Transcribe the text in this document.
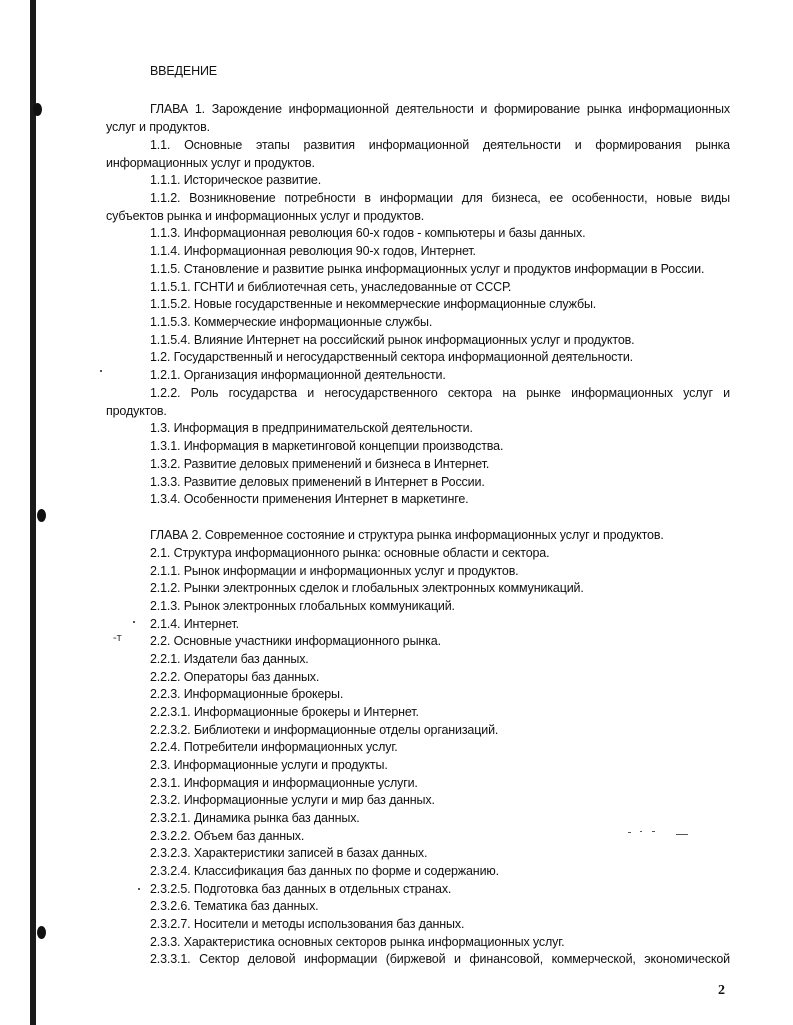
-т
ВВЕДЕНИЕ
ГЛАВА 1. Зарождение информационной деятельности и формирование рынка информационных
услуг и продуктов.
1.1. Основные этапы развития информационной деятельности и формирования рынка
информационных услуг и продуктов.
1.1.1. Историческое развитие.
1.1.2. Возникновение потребности в информации для бизнеса, ее особенности, новые виды
субъектов рынка и информационных услуг и продуктов.
1.1.3. Информационная революция 60-х годов - компьютеры и базы данных.
1.1.4. Информационная революция 90-х годов, Интернет.
1.1.5. Становление и развитие рынка информационных услуг и продуктов информации в России.
1.1.5.1. ГСНТИ и библиотечная сеть, унаследованные от СССР.
1.1.5.2. Новые государственные и некоммерческие информационные службы.
1.1.5.3. Коммерческие информационные службы.
1.1.5.4. Влияние Интернет на российский рынок информационных услуг и продуктов.
1.2. Государственный и негосударственный сектора информационной деятельности.
1.2.1. Организация информационной деятельности.
1.2.2. Роль государства и негосударственного сектора на рынке информационных услуг и
продуктов.
1.3. Информация в предпринимательской деятельности.
1.3.1. Информация в маркетинговой концепции производства.
1.3.2. Развитие деловых применений и бизнеса в Интернет.
1.3.3. Развитие деловых применений в Интернет в России.
1.3.4. Особенности применения Интернет в маркетинге.
ГЛАВА 2. Современное состояние и структура рынка информационных услуг и продуктов.
2.1. Структура информационного рынка: основные области и сектора.
2.1.1. Рынок информации и информационных услуг и продуктов.
2.1.2. Рынки электронных сделок и глобальных электронных коммуникаций.
2.1.3. Рынок электронных глобальных коммуникаций.
2.1.4. Интернет.
2.2. Основные участники информационного рынка.
2.2.1. Издатели баз данных.
2.2.2. Операторы баз данных.
2.2.3. Информационные брокеры.
2.2.3.1. Информационные брокеры и Интернет.
2.2.3.2. Библиотеки и информационные отделы организаций.
2.2.4. Потребители информационных услуг.
2.3. Информационные услуги и продукты.
2.3.1. Информация и информационные услуги.
2.3.2. Информационные услуги и мир баз данных.
2.3.2.1. Динамика рынка баз данных.
2.3.2.2. Объем баз данных.
2.3.2.3. Характеристики записей в базах данных.
2.3.2.4. Классификация баз данных по форме и содержанию.
2.3.2.5. Подготовка баз данных в отдельных странах.
2.3.2.6. Тематика баз данных.
2.3.2.7. Носители и методы использования баз данных.
2.3.3. Характеристика основных секторов рынка информационных услуг.
2.3.3.1. Сектор деловой информации (биржевой и финансовой, коммерческой, экономической
2
